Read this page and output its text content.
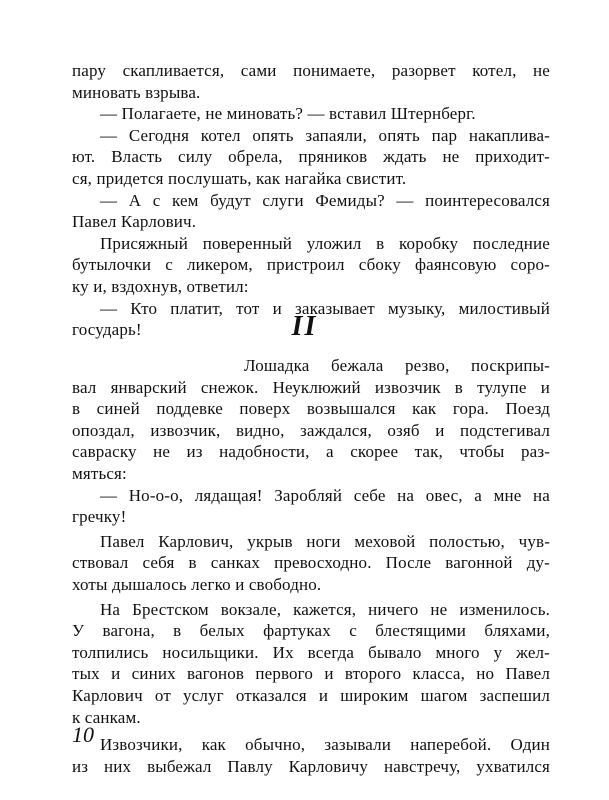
пару скапливается, сами понимаете, разорвет котел, не
миновать взрыва.
— Полагаете, не миновать? — вставил Штернберг.
— Сегодня котел опять запаяли, опять пар накаплива-
ют. Власть силу обрела, пряников ждать не приходит-
ся, придется послушать, как нагайка свистит.
— А с кем будут слуги Фемиды? — поинтересовался
Павел Карлович.
Присяжный поверенный уложил в коробку последние
бутылочки с ликером, пристроил сбоку фаянсовую соро-
ку и, вздохнув, ответил:
— Кто платит, тот и заказывает музыку, милостивый
государь!	II
Лошадка бежала резво, поскрипы-
вал январский снежок. Неуклюжий извозчик в тулупе и
в синей поддевке поверх возвышался как гора. Поезд
опоздал, извозчик, видно, заждался, озяб и подстегивал
савраску не из надобности, а скорее так, чтобы раз-
мяться:
— Но-о-о, лядащая! Заробляй себе на овес, а мне на
гречку!
Павел Карлович, укрыв ноги меховой полостью, чув-
ствовал себя в санках превосходно. После вагонной ду-
хоты дышалось легко и свободно.
На Брестском вокзале, кажется, ничего не изменилось.
У вагона, в белых фартуках с блестящими бляхами,
толпились носильщики. Их всегда бывало много у жел-
тых и синих вагонов первого и второго класса, но Павел
Карлович от услуг отказался и широким шагом заспешил
к санкам.
Извозчики, как обычно, зазывали наперебой. Один
из них выбежал Павлу Карловичу навстречу, ухватился
10
